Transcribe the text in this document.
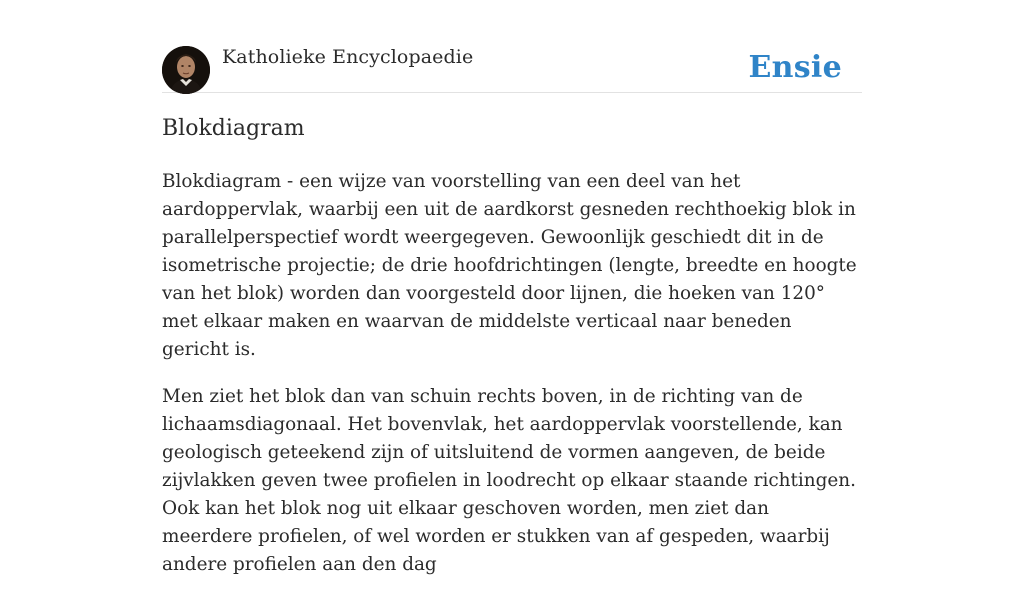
Katholieke Encyclopaedie	Ensie
Blokdiagram

Blokdiagram - een wijze van voorstelling van een deel van het aardoppervlak, waarbij een uit de aardkorst gesneden rechthoekig blok in parallelperspectief wordt weergegeven. Gewoonlijk geschiedt dit in de isometrische projectie; de drie hoofdrichtingen (lengte, breedte en hoogte van het blok) worden dan voorgesteld door lijnen, die hoeken van 120° met elkaar maken en waarvan de middelste verticaal naar beneden gericht is.

Men ziet het blok dan van schuin rechts boven, in de richting van de lichaamsdiagonaal. Het bovenvlak, het aardoppervlak voorstellende, kan geologisch geteekend zijn of uitsluitend de vormen aangeven, de beide zijvlakken geven twee profielen in loodrecht op elkaar staande richtingen. Ook kan het blok nog uit elkaar geschoven worden, men ziet dan meerdere profielen, of wel worden er stukken van af gespeden, waarbij andere profielen aan den dag
